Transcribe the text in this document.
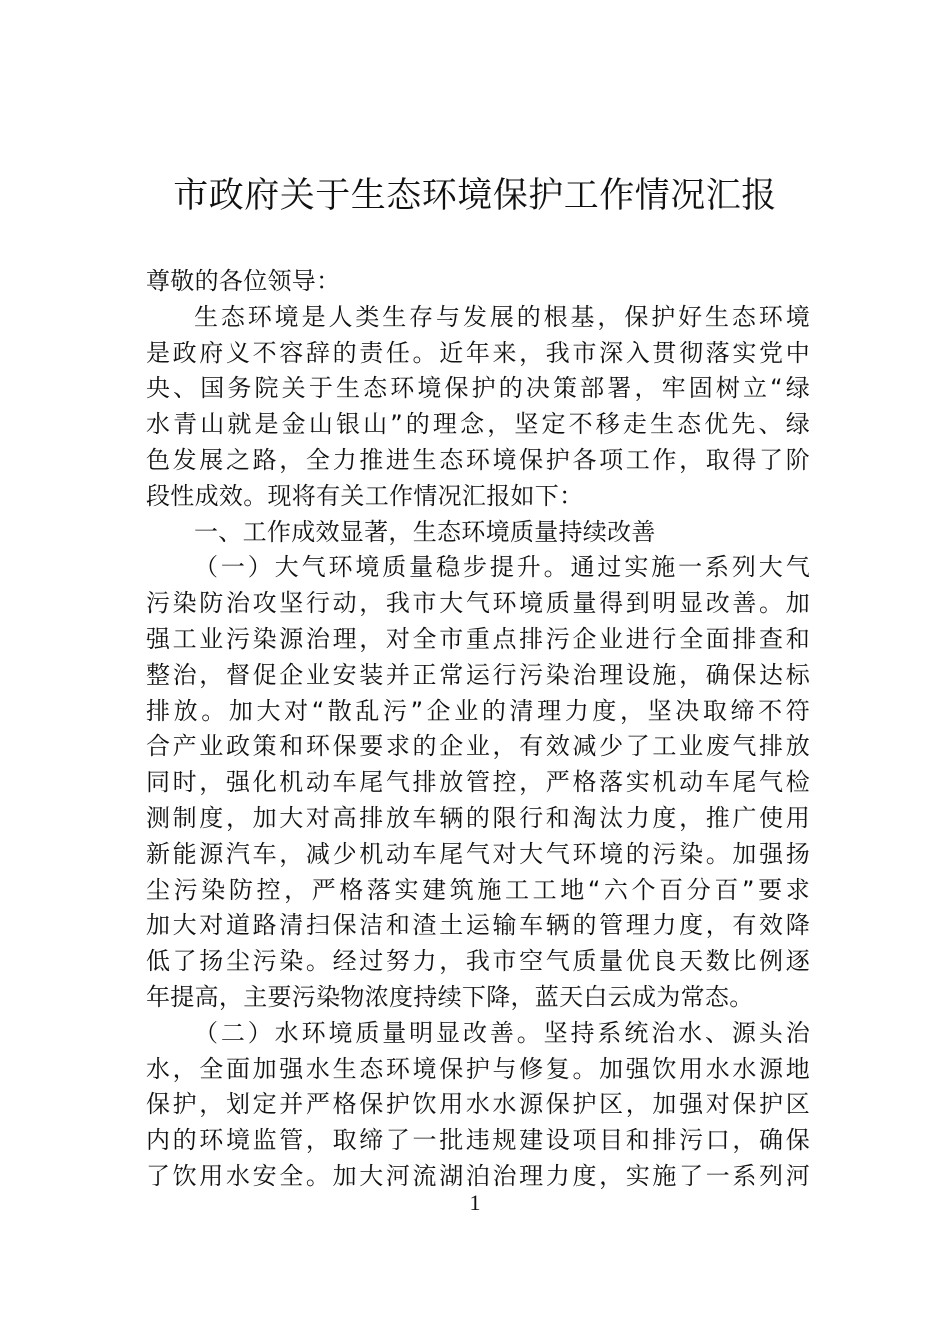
市政府关于生态环境保护工作情况汇报
尊敬的各位领导：
生态环境是人类生存与发展的根基，保护好生态环境
是政府义不容辞的责任。近年来，我市深入贯彻落实党中
央、国务院关于生态环境保护的决策部署，牢固树立“绿
水青山就是金山银山”的理念，坚定不移走生态优先、绿
色发展之路，全力推进生态环境保护各项工作，取得了阶
段性成效。现将有关工作情况汇报如下：
一、工作成效显著，生态环境质量持续改善
（一）大气环境质量稳步提升。通过实施一系列大气
污染防治攻坚行动，我市大气环境质量得到明显改善。加
强工业污染源治理，对全市重点排污企业进行全面排查和
整治，督促企业安装并正常运行污染治理设施，确保达标
排放。加大对“散乱污”企业的清理力度，坚决取缔不符
合产业政策和环保要求的企业，有效减少了工业废气排放
同时，强化机动车尾气排放管控，严格落实机动车尾气检
测制度，加大对高排放车辆的限行和淘汰力度，推广使用
新能源汽车，减少机动车尾气对大气环境的污染。加强扬
尘污染防控，严格落实建筑施工工地“六个百分百”要求
加大对道路清扫保洁和渣土运输车辆的管理力度，有效降
低了扬尘污染。经过努力，我市空气质量优良天数比例逐
年提高，主要污染物浓度持续下降，蓝天白云成为常态。
（二）水环境质量明显改善。坚持系统治水、源头治
水，全面加强水生态环境保护与修复。加强饮用水水源地
保护，划定并严格保护饮用水水源保护区，加强对保护区
内的环境监管，取缔了一批违规建设项目和排污口，确保
了饮用水安全。加大河流湖泊治理力度，实施了一系列河
1
